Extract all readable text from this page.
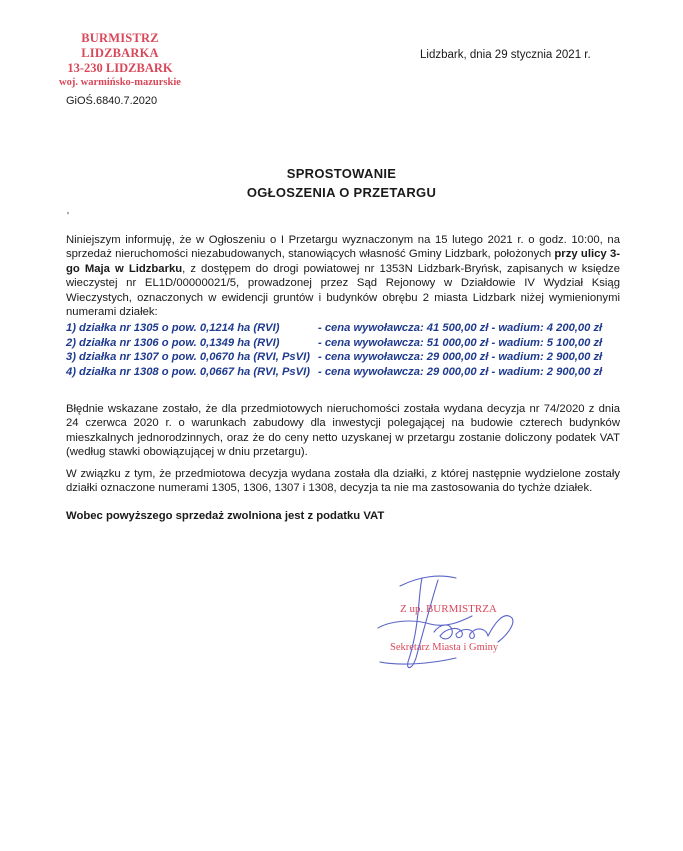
BURMISTRZ LIDZBARKA
13-230 LIDZBARK
woj. warmińsko-mazurskie
Lidzbark, dnia 29 stycznia 2021 r.
GiOŚ.6840.7.2020
SPROSTOWANIE
OGŁOSZENIA O PRZETARGU
'
Niniejszym informuję, że w Ogłoszeniu o I Przetargu wyznaczonym na 15 lutego 2021 r. o godz. 10:00, na sprzedaż nieruchomości niezabudowanych, stanowiących własność Gminy Lidzbark, położonych przy ulicy 3-go Maja w Lidzbarku, z dostępem do drogi powiatowej nr 1353N Lidzbark-Bryńsk, zapisanych w księdze wieczystej nr EL1D/00000021/5, prowadzonej przez Sąd Rejonowy w Działdowie IV Wydział Ksiąg Wieczystych, oznaczonych w ewidencji gruntów i budynków obrębu 2 miasta Lidzbark niżej wymienionymi numerami działek:
1) działka nr 1305 o pow. 0,1214 ha (RVI)	- cena wywoławcza: 41 500,00 zł - wadium: 4 200,00 zł
2) działka nr 1306 o pow. 0,1349 ha (RVI)	- cena wywoławcza: 51 000,00 zł - wadium: 5 100,00 zł
3) działka nr 1307 o pow. 0,0670 ha (RVI, PsVI) - cena wywoławcza: 29 000,00 zł - wadium: 2 900,00 zł
4) działka nr 1308 o pow. 0,0667 ha (RVI, PsVI) - cena wywoławcza: 29 000,00 zł - wadium: 2 900,00 zł
Błędnie wskazane zostało, że dla przedmiotowych nieruchomości została wydana decyzja nr 74/2020 z dnia 24 czerwca 2020 r. o warunkach zabudowy dla inwestycji polegającej na budowie czterech budynków mieszkalnych jednorodzinnych, oraz że do ceny netto uzyskanej w przetargu zostanie doliczony podatek VAT (według stawki obowiązującej w dniu przetargu).
W związku z tym, że przedmiotowa decyzja wydana została dla działki, z której następnie wydzielone zostały działki oznaczone numerami 1305, 1306, 1307 i 1308, decyzja ta nie ma zastosowania do tychże działek.
Wobec powyższego sprzedaż zwolniona jest z podatku VAT
Z up. BURMISTRZA
Sekretarz Miasta i Gminy
